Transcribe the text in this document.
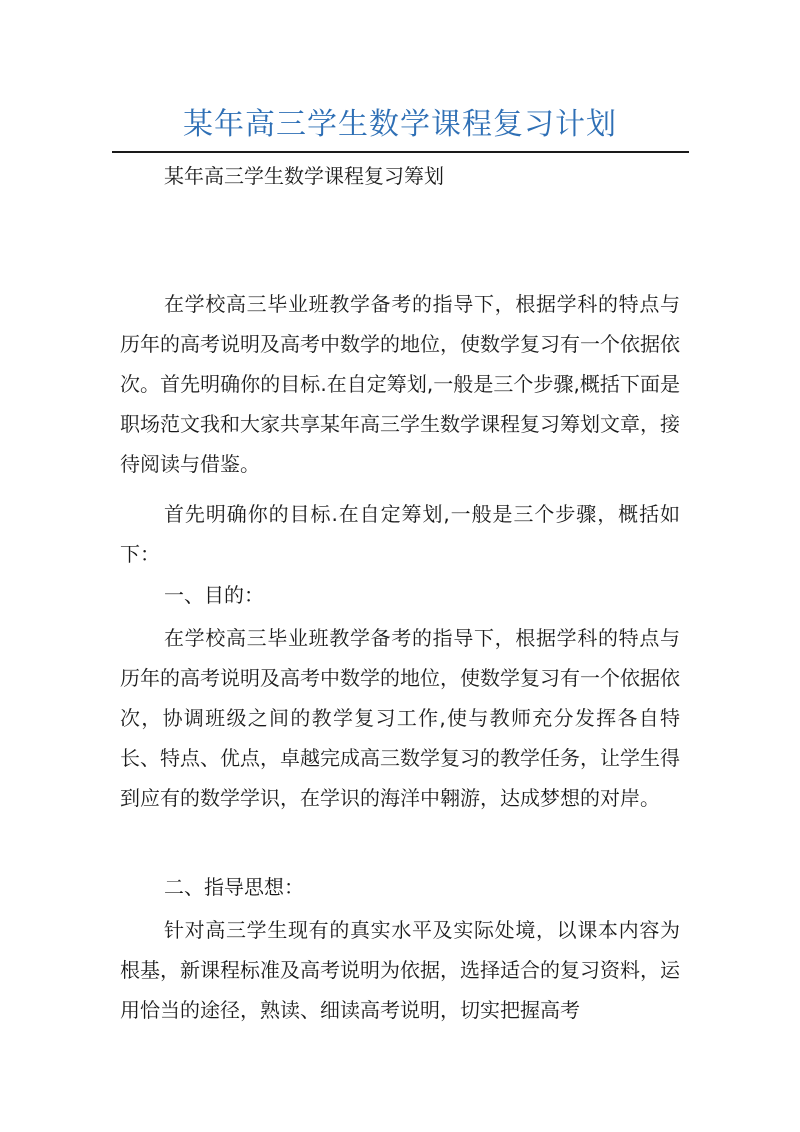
某年高三学生数学课程复习计划

某年高三学生数学课程复习筹划

在学校高三毕业班教学备考的指导下，根据学科的特点与历年的高考说明及高考中数学的地位，使数学复习有一个依据依次。首先明确你的目标.在自定筹划,一般是三个步骤,概括下面是职场范文我和大家共享某年高三学生数学课程复习筹划文章，接待阅读与借鉴。

首先明确你的目标.在自定筹划,一般是三个步骤，概括如下：

一、目的：

在学校高三毕业班教学备考的指导下，根据学科的特点与历年的高考说明及高考中数学的地位，使数学复习有一个依据依次，协调班级之间的教学复习工作,使与教师充分发挥各自特长、特点、优点，卓越完成高三数学复习的教学任务，让学生得到应有的数学学识，在学识的海洋中翱游，达成梦想的对岸。

二、指导思想：

针对高三学生现有的真实水平及实际处境，以课本内容为根基，新课程标准及高考说明为依据，选择适合的复习资料，运用恰当的途径，熟读、细读高考说明，切实把握高考
